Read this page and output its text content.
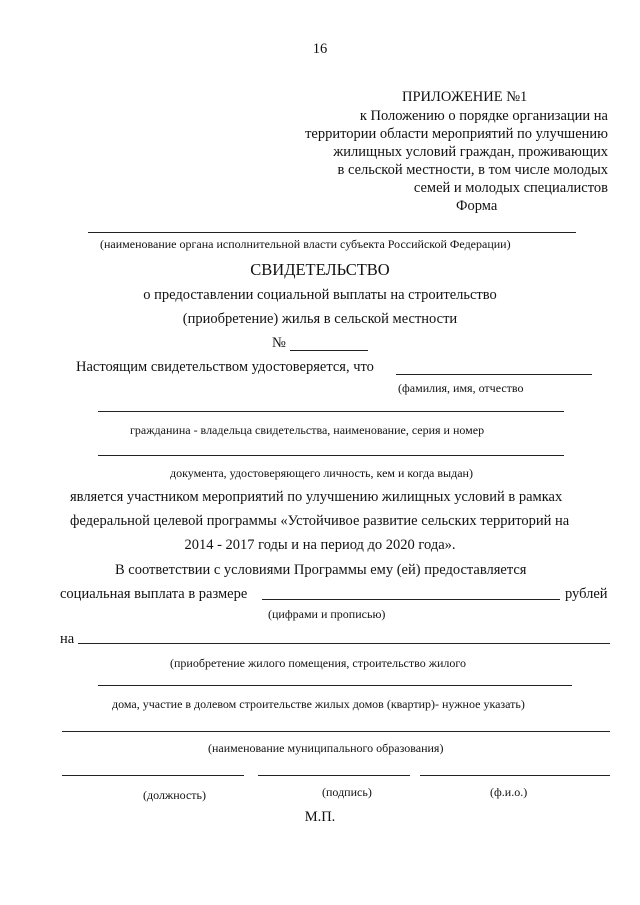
16
ПРИЛОЖЕНИЕ №1
к Положению о порядке организации на
территории области мероприятий по улучшению
жилищных условий граждан, проживающих
в сельской местности, в том числе молодых
семей и молодых специалистов
Форма
(наименование органа исполнительной власти субъекта Российской Федерации)
СВИДЕТЕЛЬСТВО
о предоставлении социальной выплаты на строительство
(приобретение) жилья в сельской местности
№
Настоящим свидетельством удостоверяется, что
(фамилия, имя, отчество
гражданина - владельца свидетельства, наименование, серия и номер
документа, удостоверяющего личность, кем и когда выдан)
является участником мероприятий по улучшению жилищных условий в рамках
федеральной целевой программы «Устойчивое развитие сельских территорий на
2014 - 2017 годы и на период до 2020 года».
В соответствии с условиями Программы ему (ей) предоставляется
социальная выплата в размере	рублей
(цифрами и прописью)
на
(приобретение жилого помещения, строительство жилого
дома, участие в долевом строительстве жилых домов (квартир)- нужное указать)
(наименование муниципального образования)
(должность)	(подпись)	(ф.и.о.)
М.П.
